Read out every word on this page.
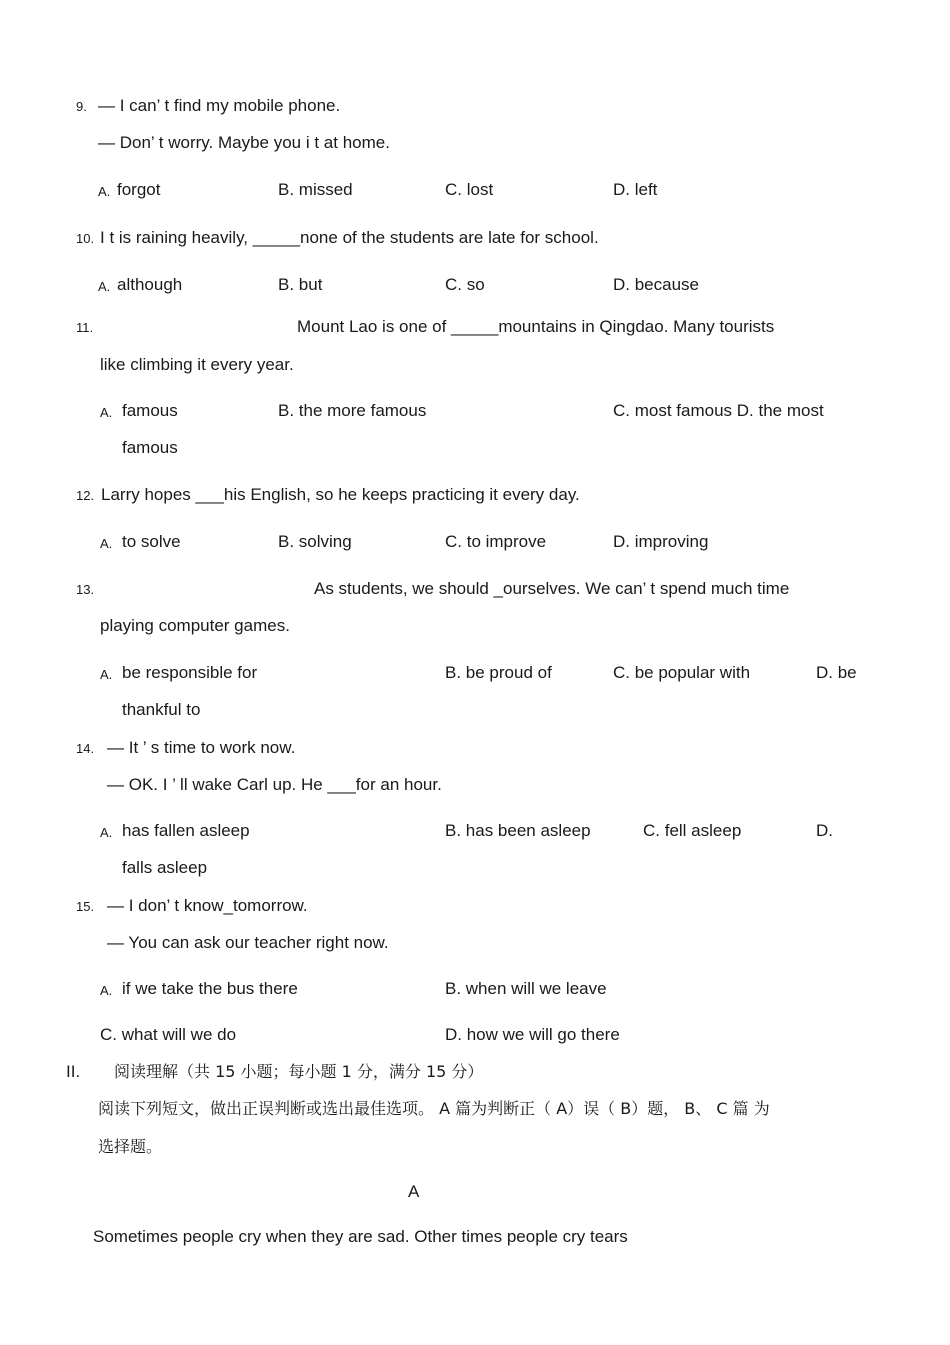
9. — I can’ t find my mobile phone.
— Don’ t worry. Maybe you i t at home.
A. forgot	B. missed	C. lost	D. left
10. I t is raining heavily, _____none of the students are late for school.
A. although	B. but	C. so	D. because
11.	Mount Lao is one of _____mountains in Qingdao. Many tourists
like climbing it every year.
A. famous	B. the more famous	C. most famous D. the most
famous
12. Larry hopes ___his English, so he keeps practicing it every day.
A. to solve	B. solving	C. to improve	D. improving
13.	As students, we should _ourselves. We can’ t spend much time
playing computer games.
A. be responsible for	B. be proud of	C. be popular with	D. be
thankful to
14. — It ’ s time to work now.
— OK. I ’ ll wake Carl up. He ___for an hour.
A. has fallen asleep	B. has been asleep	C. fell asleep	D.
falls asleep
15. — I don’ t know_tomorrow.
— You can ask our teacher right now.
A. if we take the bus there	B. when will we leave
C. what will we do	D. how we will go there
II. 阅读理解（共 15 小题；每小题 1 分，满分 15 分）
阅读下列短文，做出正误判断或选出最佳选项。 A 篇为判断正（ A）误（ B）题， B、 C 篇 为
选择题。
A
Sometimes people cry when they are sad. Other times people cry tears
